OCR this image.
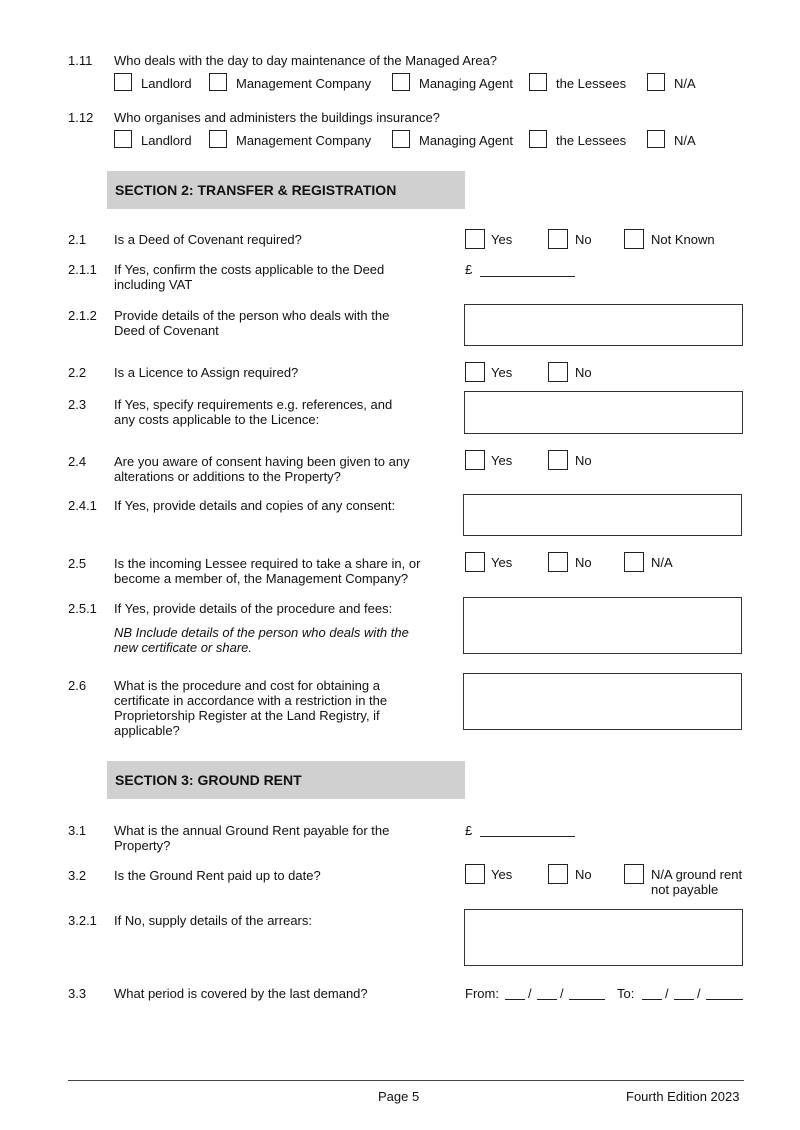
1.11 Who deals with the day to day maintenance of the Managed Area?
Landlord	Management Company	Managing Agent	the Lessees	N/A
1.12 Who organises and administers the buildings insurance?
Landlord	Management Company	Managing Agent	the Lessees	N/A
SECTION 2: TRANSFER & REGISTRATION
2.1 Is a Deed of Covenant required?	Yes	No	Not Known
2.1.1 If Yes, confirm the costs applicable to the Deed including VAT
£
2.1.2 Provide details of the person who deals with the Deed of Covenant
2.2 Is a Licence to Assign required?	Yes	No
2.3 If Yes, specify requirements e.g. references, and any costs applicable to the Licence:
2.4 Are you aware of consent having been given to any alterations or additions to the Property?
Yes	No
2.4.1 If Yes, provide details and copies of any consent:
2.5 Is the incoming Lessee required to take a share in, or become a member of, the Management Company?
Yes	No	N/A
2.5.1 If Yes, provide details of the procedure and fees:
NB Include details of the person who deals with the new certificate or share.
2.6 What is the procedure and cost for obtaining a certificate in accordance with a restriction in the Proprietorship Register at the Land Registry, if applicable?
SECTION 3: GROUND RENT
3.1 What is the annual Ground Rent payable for the Property?
£
3.2 Is the Ground Rent paid up to date?	Yes	No	N/A ground rent not payable
3.2.1 If No, supply details of the arrears:
3.3 What period is covered by the last demand?	From: / /	To: / /
Page 5	Fourth Edition 2023
